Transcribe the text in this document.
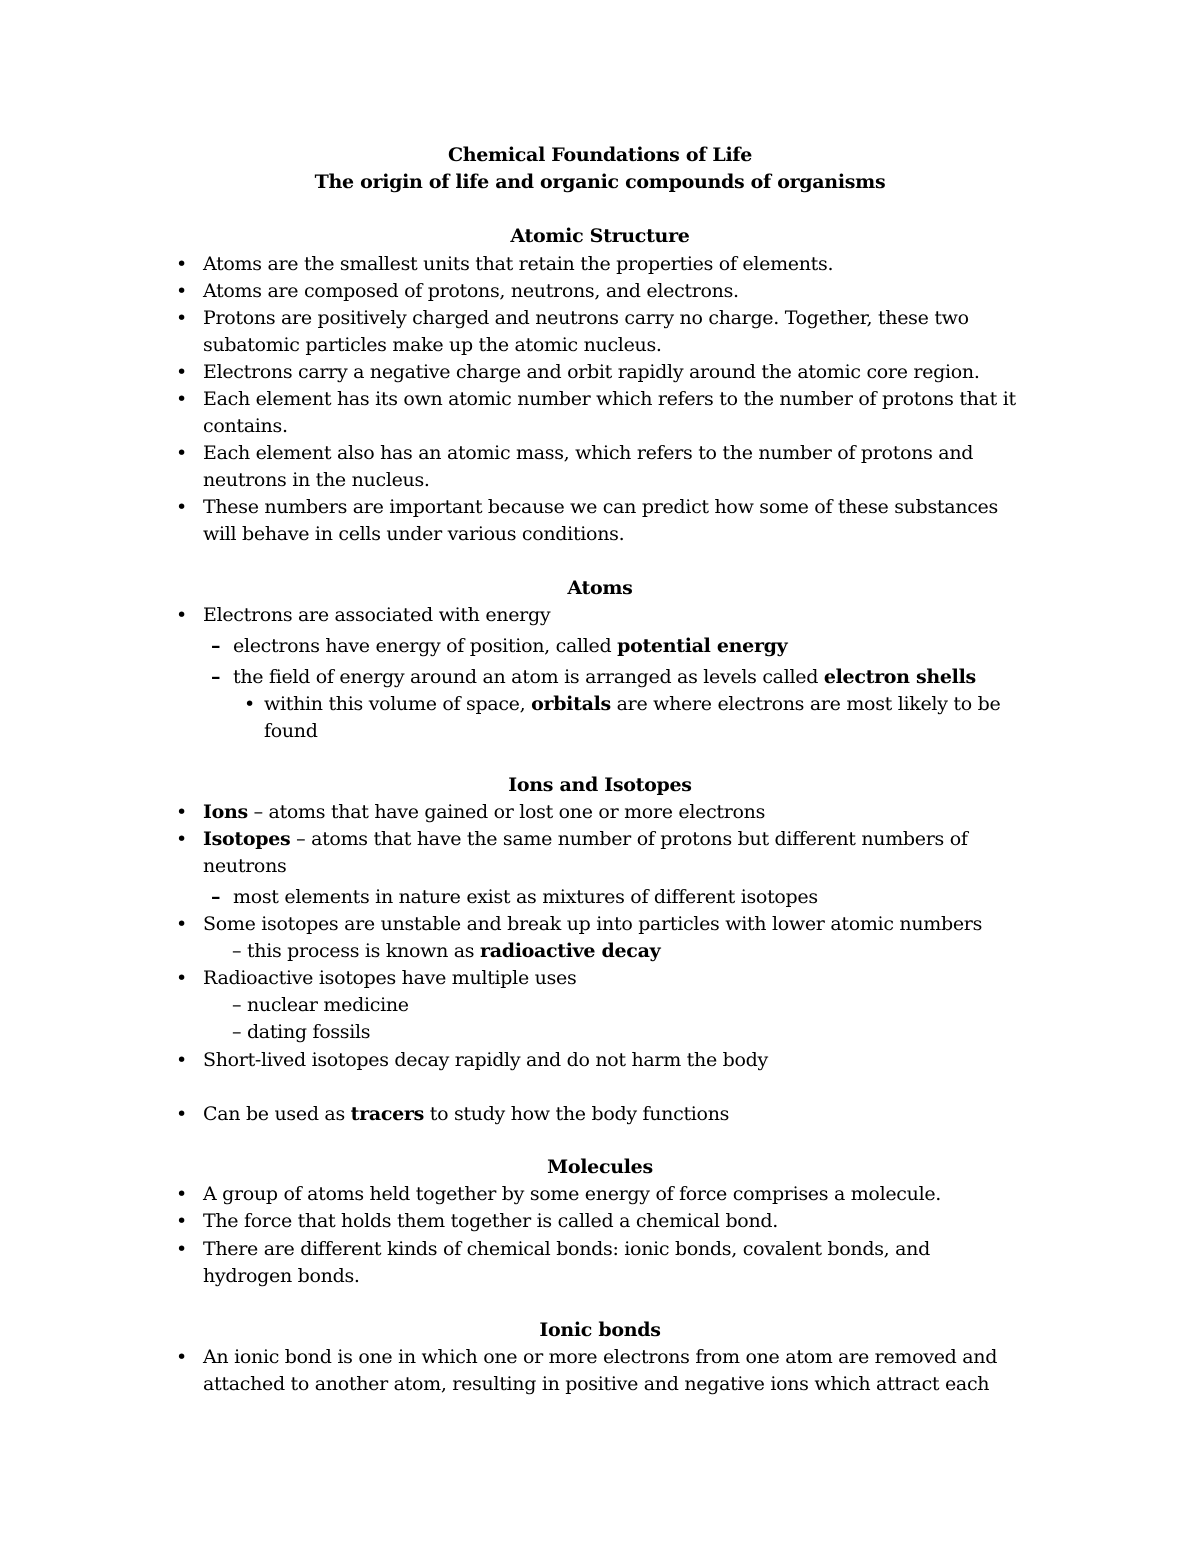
Chemical Foundations of Life
The origin of life and organic compounds of organisms
Atomic Structure
• Atoms are the smallest units that retain the properties of elements.
• Atoms are composed of protons, neutrons, and electrons.
• Protons are positively charged and neutrons carry no charge. Together, these two
subatomic particles make up the atomic nucleus.
• Electrons carry a negative charge and orbit rapidly around the atomic core region.
• Each element has its own atomic number which refers to the number of protons that it
contains.
• Each element also has an atomic mass, which refers to the number of protons and
neutrons in the nucleus.
• These numbers are important because we can predict how some of these substances
will behave in cells under various conditions.
Atoms
• Electrons are associated with energy
– electrons have energy of position, called potential energy
– the field of energy around an atom is arranged as levels called electron shells
• within this volume of space, orbitals are where electrons are most likely to be
found
Ions and Isotopes
• Ions – atoms that have gained or lost one or more electrons
• Isotopes – atoms that have the same number of protons but different numbers of
neutrons
– most elements in nature exist as mixtures of different isotopes
• Some isotopes are unstable and break up into particles with lower atomic numbers
– this process is known as radioactive decay
• Radioactive isotopes have multiple uses
– nuclear medicine
– dating fossils
• Short-lived isotopes decay rapidly and do not harm the body
• Can be used as tracers to study how the body functions
Molecules
• A group of atoms held together by some energy of force comprises a molecule.
• The force that holds them together is called a chemical bond.
• There are different kinds of chemical bonds: ionic bonds, covalent bonds, and
hydrogen bonds.
Ionic bonds
• An ionic bond is one in which one or more electrons from one atom are removed and
attached to another atom, resulting in positive and negative ions which attract each
